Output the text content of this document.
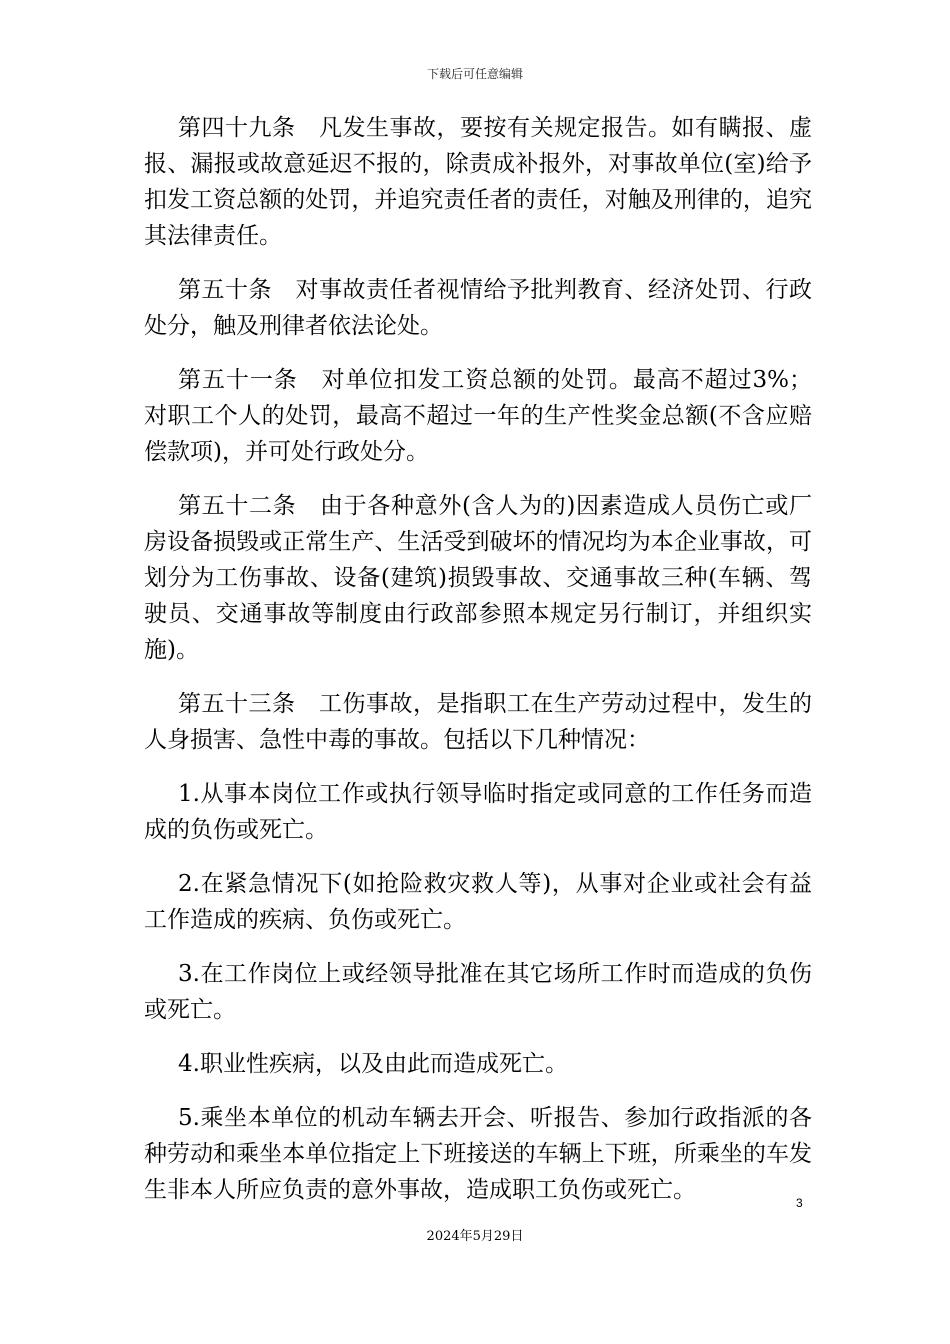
下载后可任意编辑

第四十九条　凡发生事故，要按有关规定报告。如有瞒报、虚报、漏报或故意延迟不报的，除责成补报外，对事故单位(室)给予扣发工资总额的处罚，并追究责任者的责任，对触及刑律的，追究其法律责任。

第五十条　对事故责任者视情给予批判教育、经济处罚、行政处分，触及刑律者依法论处。

第五十一条　对单位扣发工资总额的处罚。最高不超过3%；对职工个人的处罚，最高不超过一年的生产性奖金总额(不含应赔偿款项)，并可处行政处分。

第五十二条　由于各种意外(含人为的)因素造成人员伤亡或厂房设备损毁或正常生产、生活受到破坏的情况均为本企业事故，可划分为工伤事故、设备(建筑)损毁事故、交通事故三种(车辆、驾驶员、交通事故等制度由行政部参照本规定另行制订，并组织实施)。

第五十三条　工伤事故，是指职工在生产劳动过程中，发生的人身损害、急性中毒的事故。包括以下几种情况：

1.从事本岗位工作或执行领导临时指定或同意的工作任务而造成的负伤或死亡。

2.在紧急情况下(如抢险救灾救人等)，从事对企业或社会有益工作造成的疾病、负伤或死亡。

3.在工作岗位上或经领导批准在其它场所工作时而造成的负伤或死亡。

4.职业性疾病，以及由此而造成死亡。

5.乘坐本单位的机动车辆去开会、听报告、参加行政指派的各种劳动和乘坐本单位指定上下班接送的车辆上下班，所乘坐的车发生非本人所应负责的意外事故，造成职工负伤或死亡。	3
2024年5月29日
